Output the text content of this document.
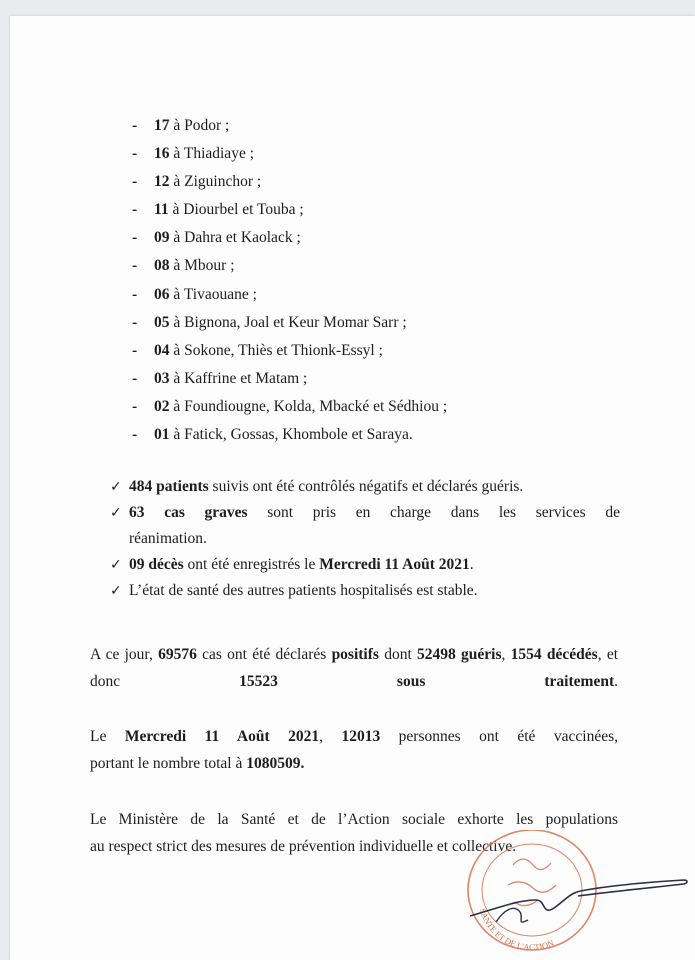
- 17 à Podor ;
- 16 à Thiadiaye ;
- 12 à Ziguinchor ;
- 11 à Diourbel et Touba ;
- 09 à Dahra et Kaolack ;
- 08 à Mbour ;
- 06 à Tivaouane ;
- 05 à Bignona, Joal et Keur Momar Sarr ;
- 04 à Sokone, Thiès et Thionk-Essyl ;
- 03 à Kaffrine et Matam ;
- 02 à Foundiougne, Kolda, Mbacké et Sédhiou ;
- 01 à Fatick, Gossas, Khombole et Saraya.
✓ 484 patients suivis ont été contrôlés négatifs et déclarés guéris.
✓ 63 cas graves sont pris en charge dans les services de
réanimation.
✓ 09 décès ont été enregistrés le Mercredi 11 Août 2021.
✓ L’état de santé des autres patients hospitalisés est stable.
A ce jour, 69576 cas ont été déclarés positifs dont 52498 guéris, 1554 décédés, et donc 15523 sous traitement.
Le Mercredi 11 Août 2021, 12013 personnes ont été vaccinées,
portant le nombre total à 1080509.
Le Ministère de la Santé et de l’Action sociale exhorte les populations
au respect strict des mesures de prévention individuelle et collective.
SANTE ET DE L'ACTION
